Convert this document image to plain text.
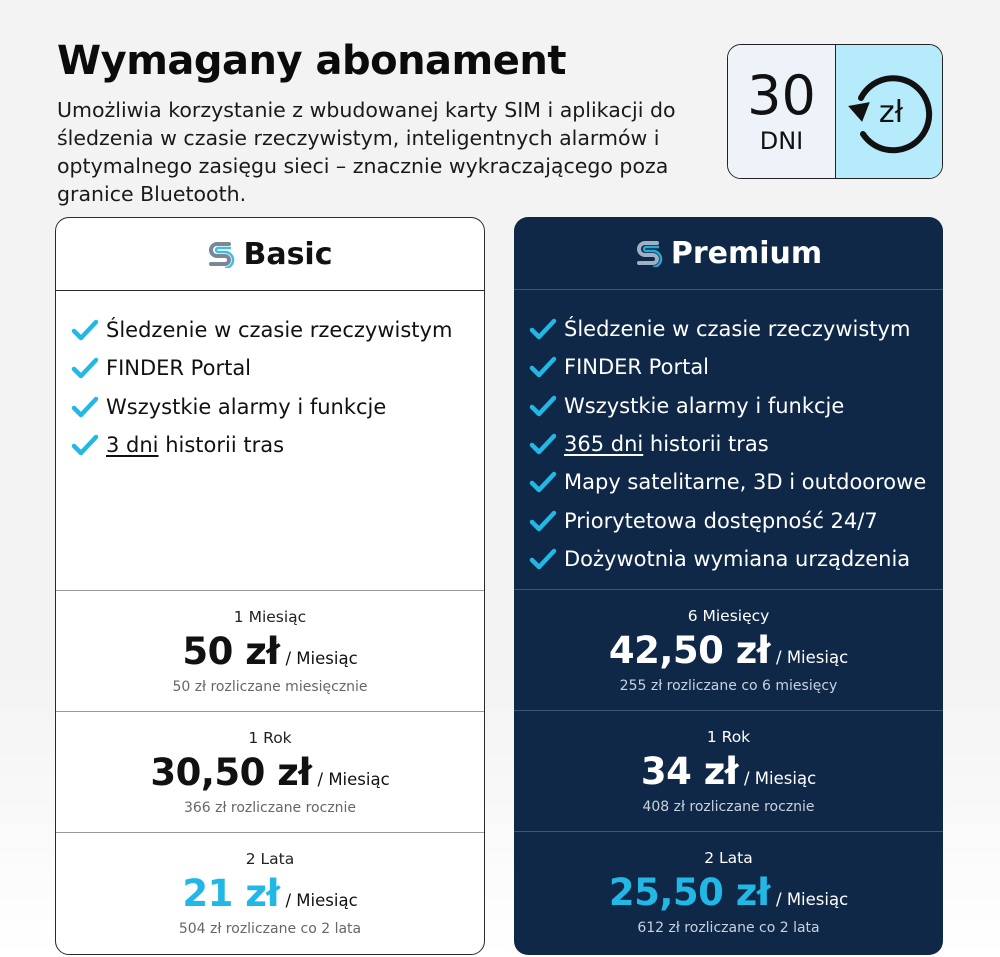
Wymagany abonament

Umożliwia korzystanie z wbudowanej karty SIM i aplikacji do śledzenia w czasie rzeczywistym, inteligentnych alarmów i optymalnego zasięgu sieci – znacznie wykraczającego poza granice Bluetooth.

30
DNI
zł
Basic
Śledzenie w czasie rzeczywistym
FINDER Portal
Wszystkie alarmy i funkcje
3 dni historii tras
1 Miesiąc
50 zł / Miesiąc
50 zł rozliczane miesięcznie
1 Rok
30,50 zł / Miesiąc
366 zł rozliczane rocznie
2 Lata
21 zł / Miesiąc
504 zł rozliczane co 2 lata
Premium
Śledzenie w czasie rzeczywistym
FINDER Portal
Wszystkie alarmy i funkcje
365 dni historii tras
Mapy satelitarne, 3D i outdoorowe
Priorytetowa dostępność 24/7
Dożywotnia wymiana urządzenia
6 Miesięcy
42,50 zł / Miesiąc
255 zł rozliczane co 6 miesięcy
1 Rok
34 zł / Miesiąc
408 zł rozliczane rocznie
2 Lata
25,50 zł / Miesiąc
612 zł rozliczane co 2 lata
